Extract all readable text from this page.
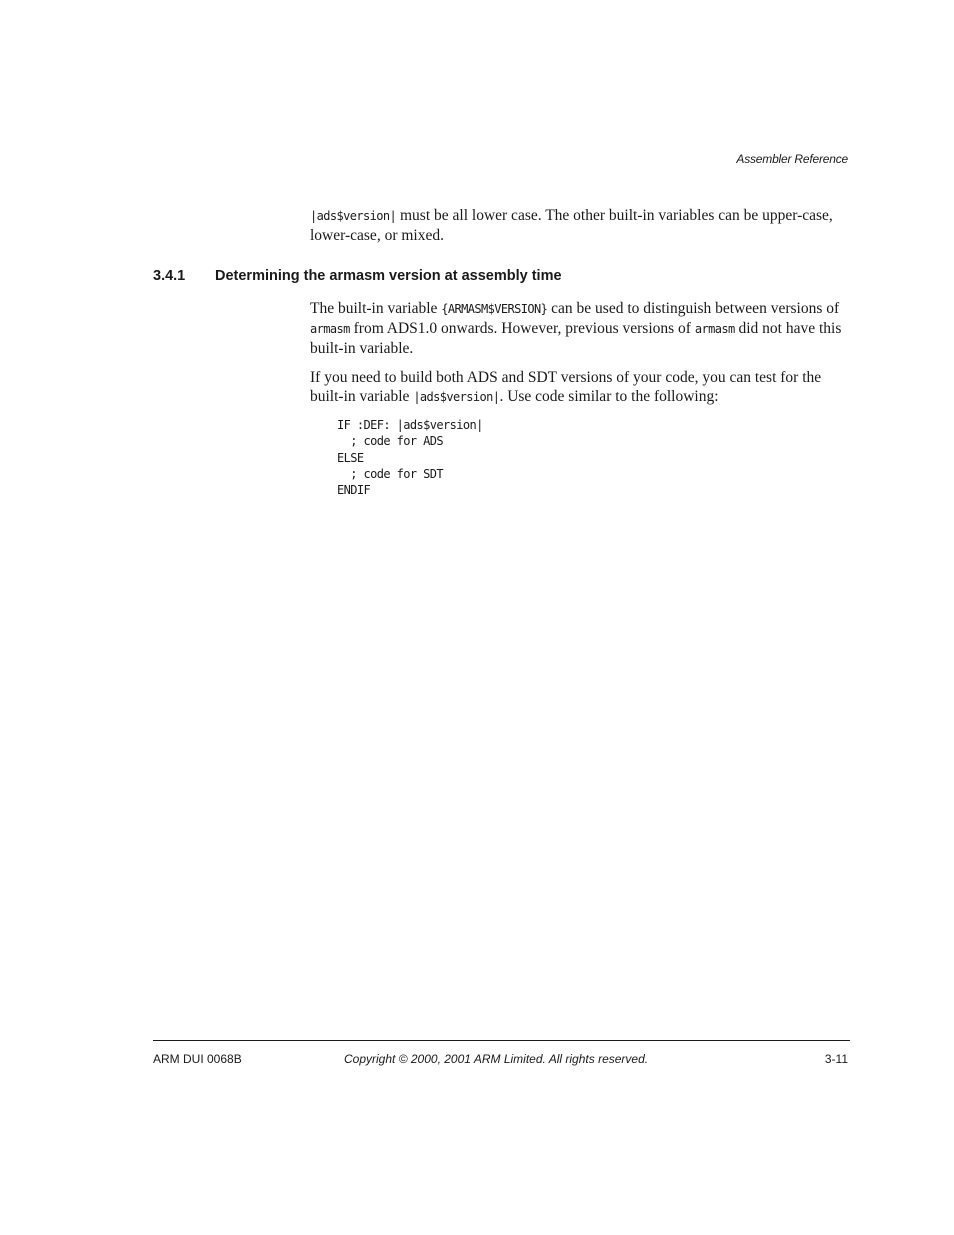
Assembler Reference

|ads$version| must be all lower case. The other built-in variables can be upper-case, lower-case, or mixed.

3.4.1 Determining the armasm version at assembly time

The built-in variable {ARMASM$VERSION} can be used to distinguish between versions of armasm from ADS1.0 onwards. However, previous versions of armasm did not have this built-in variable.

If you need to build both ADS and SDT versions of your code, you can test for the built-in variable |ads$version|. Use code similar to the following:

IF :DEF: |ads$version|
; code for ADS
ELSE
; code for SDT
ENDIF
ARM DUI 0068B	Copyright © 2000, 2001 ARM Limited. All rights reserved.	3-11
